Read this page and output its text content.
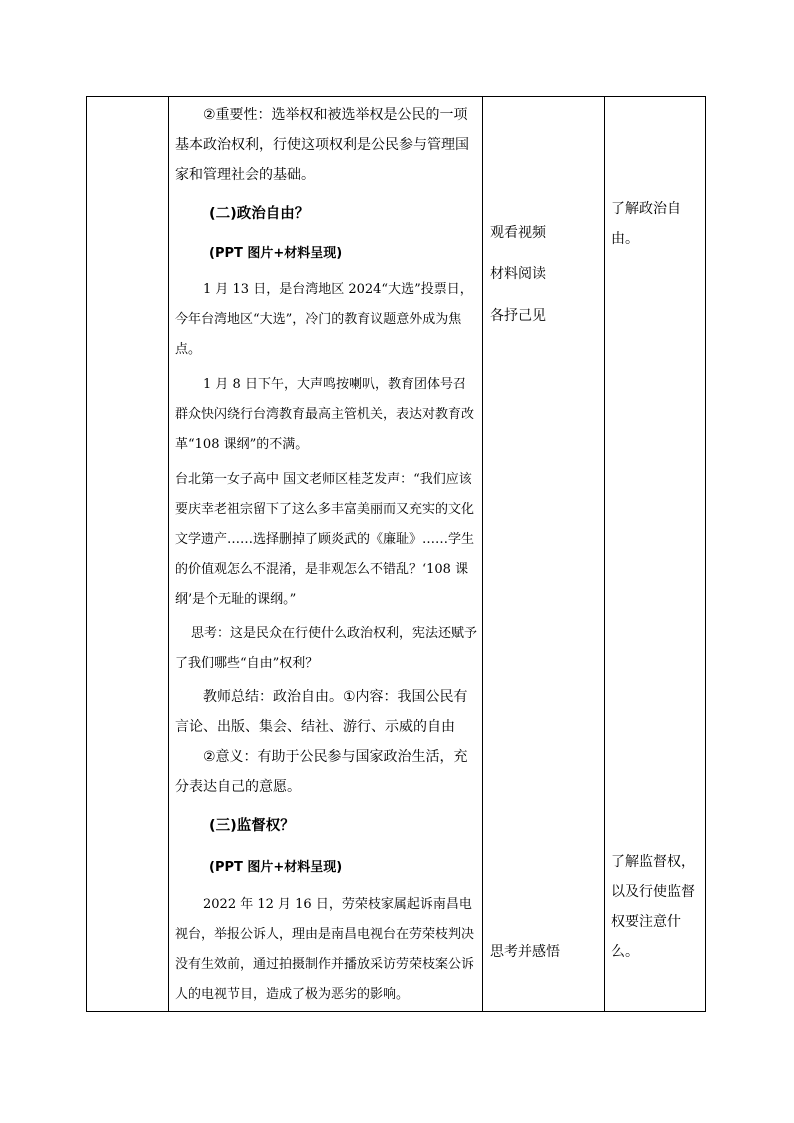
②重要性：选举权和被选举权是公民的一项基本政治权利，行使这项权利是公民参与管理国家和管理社会的基础。

(二)政治自由？

(PPT 图片+材料呈现)

1 月 13 日，是台湾地区 2024“大选”投票日，今年台湾地区“大选”，冷门的教育议题意外成为焦点。

1 月 8 日下午，大声鸣按喇叭，教育团体号召群众快闪绕行台湾教育最高主管机关，表达对教育改革“108 课纲”的不满。

台北第一女子高中 国文老师区桂芝发声：“我们应该要庆幸老祖宗留下了这么多丰富美丽而又充实的文化文学遗产……选择删掉了顾炎武的《廉耻》……学生的价值观怎么不混淆，是非观怎么不错乱？‘108 课纲’是个无耻的课纲。”

思考：这是民众在行使什么政治权利，宪法还赋予了我们哪些“自由”权利？

教师总结：政治自由。①内容：我国公民有言论、出版、集会、结社、游行、示威的自由

②意义：有助于公民参与国家政治生活，充分表达自己的意愿。

(三)监督权？

(PPT 图片+材料呈现)

2022 年 12 月 16 日，劳荣枝家属起诉南昌电视台，举报公诉人，理由是南昌电视台在劳荣枝判决没有生效前，通过拍摄制作并播放采访劳荣枝案公诉人的电视节目，造成了极为恶劣的影响。

观看视频

材料阅读

各抒己见

思考并感悟

了解政治自由。

了解监督权，以及行使监督权要注意什么。
